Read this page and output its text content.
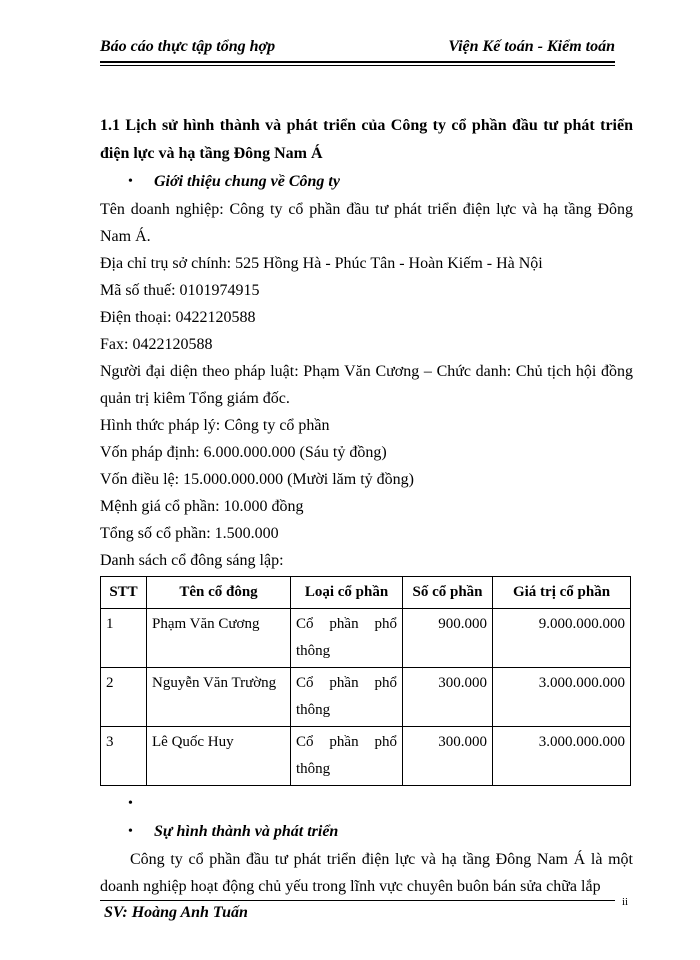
Báo cáo thực tập tổng hợp	Viện Kế toán - Kiểm toán

1.1 Lịch sử hình thành và phát triển của Công ty cổ phần đầu tư phát triển điện lực và hạ tầng Đông Nam Á

• Giới thiệu chung về Công ty

Tên doanh nghiệp: Công ty cổ phần đầu tư phát triển điện lực và hạ tầng Đông Nam Á.

Địa chỉ trụ sở chính: 525 Hồng Hà - Phúc Tân - Hoàn Kiếm - Hà Nội

Mã số thuế: 0101974915

Điện thoại: 0422120588

Fax: 0422120588

Người đại diện theo pháp luật: Phạm Văn Cương – Chức danh: Chủ tịch hội đồng quản trị kiêm Tổng giám đốc.

Hình thức pháp lý: Công ty cổ phần

Vốn pháp định: 6.000.000.000 (Sáu tỷ đồng)

Vốn điều lệ: 15.000.000.000 (Mười lăm tỷ đồng)

Mệnh giá cổ phần: 10.000 đồng

Tổng số cổ phần: 1.500.000

Danh sách cổ đông sáng lập:

STT	Tên cổ đông	Loại cổ phần	Số cổ phần	Giá trị cổ phần
1	Phạm Văn Cương	Cổ phần phổ thông	900.000	9.000.000.000
2	Nguyễn Văn Trường	Cổ phần phổ thông	300.000	3.000.000.000
3	Lê Quốc Huy	Cổ phần phổ thông	300.000	3.000.000.000
•
• Sự hình thành và phát triển

Công ty cổ phần đầu tư phát triển điện lực và hạ tầng Đông Nam Á là một doanh nghiệp hoạt động chủ yếu trong lĩnh vực chuyên buôn bán sửa chữa lắp

SV: Hoàng Anh Tuấn
ii
